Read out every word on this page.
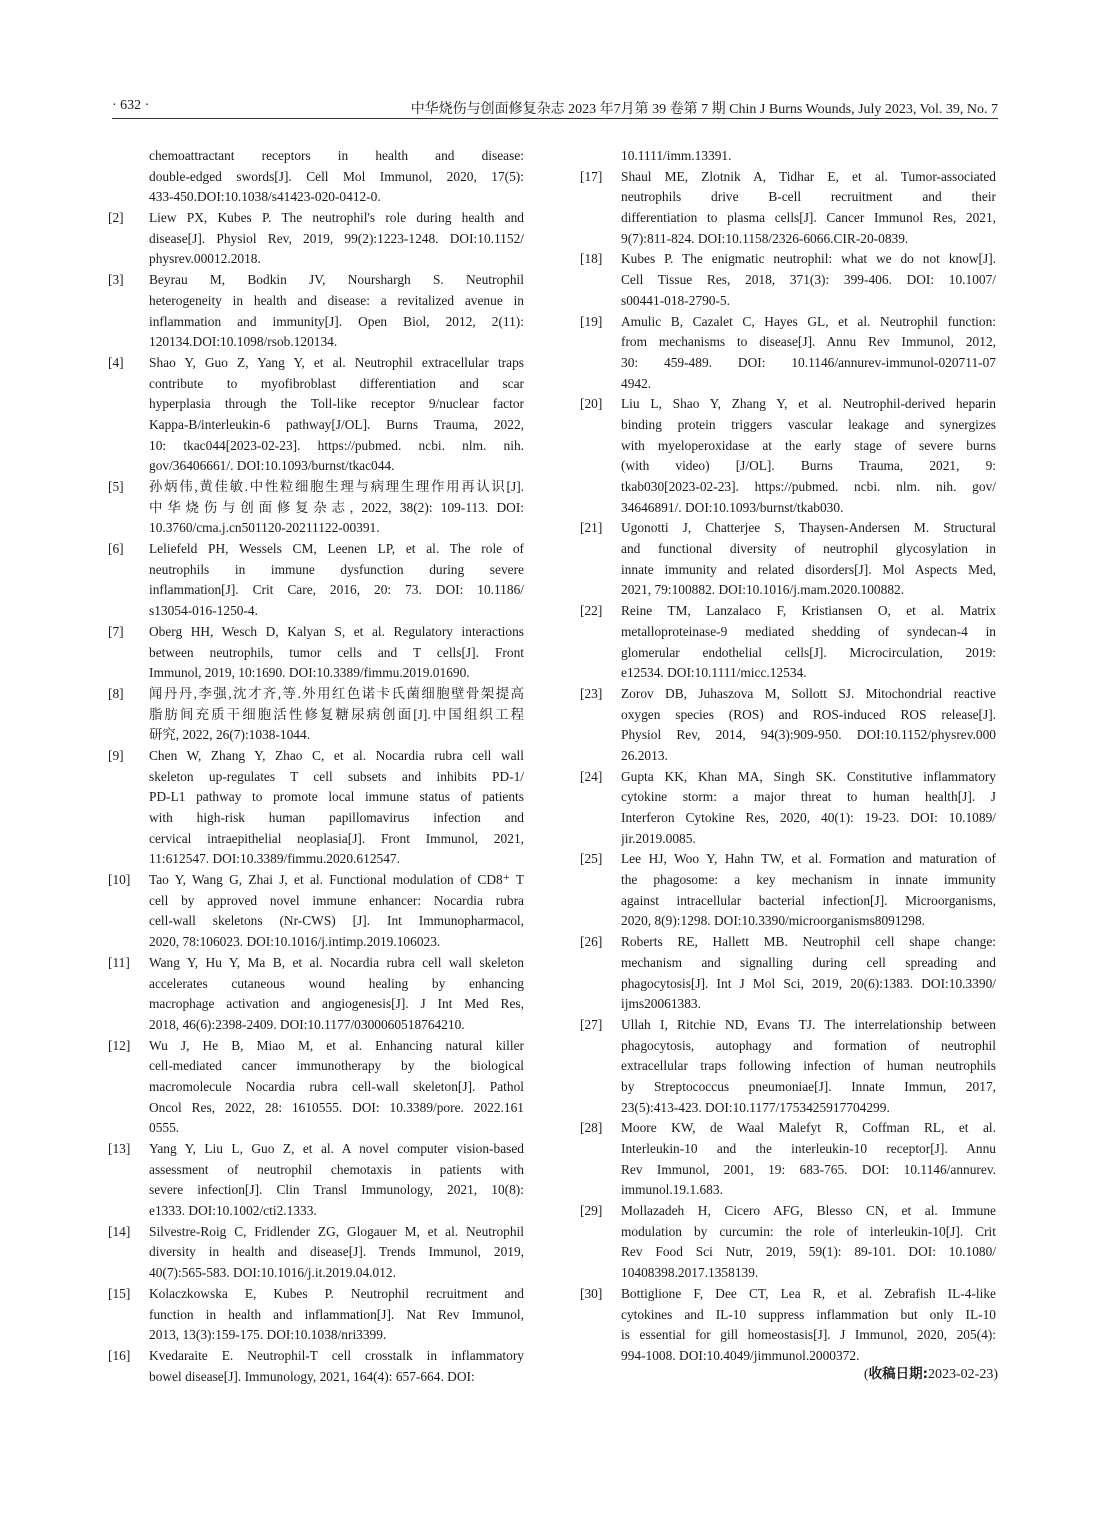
· 632 ·	中华烧伤与创面修复杂志 2023 年7月第 39 卷第 7 期 Chin J Burns Wounds, July 2023, Vol. 39, No. 7
chemoattractant receptors in health and disease:
double-edged swords[J]. Cell Mol Immunol, 2020, 17(5):
433-450.DOI:10.1038/s41423-020-0412-0.
[2]	Liew PX, Kubes P. The neutrophil's role during health and
disease[J]. Physiol Rev, 2019, 99(2):1223-1248. DOI:10.1152/
physrev.00012.2018.
[3]	Beyrau M, Bodkin JV, Nourshargh S. Neutrophil
heterogeneity in health and disease: a revitalized avenue in
inflammation and immunity[J]. Open Biol, 2012, 2(11):
120134.DOI:10.1098/rsob.120134.
[4]	Shao Y, Guo Z, Yang Y, et al. Neutrophil extracellular traps
contribute to myofibroblast differentiation and scar
hyperplasia through the Toll-like receptor 9/nuclear factor
Kappa-B/interleukin-6 pathway[J/OL]. Burns Trauma, 2022,
10: tkac044[2023-02-23]. https://pubmed. ncbi. nlm. nih.
gov/36406661/. DOI:10.1093/burnst/tkac044.
[5]	孙炳伟,黄佳敏.中性粒细胞生理与病理生理作用再认识[J].
中华烧伤与创面修复杂志, 2022, 38(2): 109-113. DOI:
10.3760/cma.j.cn501120-20211122-00391.
[6]	Leliefeld PH, Wessels CM, Leenen LP, et al. The role of
neutrophils in immune dysfunction during severe
inflammation[J]. Crit Care, 2016, 20: 73. DOI: 10.1186/
s13054-016-1250-4.
[7]	Oberg HH, Wesch D, Kalyan S, et al. Regulatory interactions
between neutrophils, tumor cells and T cells[J]. Front
Immunol, 2019, 10:1690. DOI:10.3389/fimmu.2019.01690.
[8]	闻丹丹,李强,沈才齐,等.外用红色诺卡氏菌细胞壁骨架提高
脂肪间充质干细胞活性修复糖尿病创面[J].中国组织工程
研究, 2022, 26(7):1038-1044.
[9]	Chen W, Zhang Y, Zhao C, et al. Nocardia rubra cell wall
skeleton up-regulates T cell subsets and inhibits PD-1/
PD-L1 pathway to promote local immune status of patients
with high-risk human papillomavirus infection and
cervical intraepithelial neoplasia[J]. Front Immunol, 2021,
11:612547. DOI:10.3389/fimmu.2020.612547.
[10]	Tao Y, Wang G, Zhai J, et al. Functional modulation of CD8⁺ T
cell by approved novel immune enhancer: Nocardia rubra
cell-wall skeletons (Nr-CWS) [J]. Int Immunopharmacol,
2020, 78:106023. DOI:10.1016/j.intimp.2019.106023.
[11]	Wang Y, Hu Y, Ma B, et al. Nocardia rubra cell wall skeleton
accelerates cutaneous wound healing by enhancing
macrophage activation and angiogenesis[J]. J Int Med Res,
2018, 46(6):2398-2409. DOI:10.1177/0300060518764210.
[12]	Wu J, He B, Miao M, et al. Enhancing natural killer
cell-mediated cancer immunotherapy by the biological
macromolecule Nocardia rubra cell-wall skeleton[J]. Pathol
Oncol Res, 2022, 28: 1610555. DOI: 10.3389/pore. 2022.161
0555.
[13]	Yang Y, Liu L, Guo Z, et al. A novel computer vision-based
assessment of neutrophil chemotaxis in patients with
severe infection[J]. Clin Transl Immunology, 2021, 10(8):
e1333. DOI:10.1002/cti2.1333.
[14]	Silvestre-Roig C, Fridlender ZG, Glogauer M, et al. Neutrophil
diversity in health and disease[J]. Trends Immunol, 2019,
40(7):565-583. DOI:10.1016/j.it.2019.04.012.
[15]	Kolaczkowska E, Kubes P. Neutrophil recruitment and
function in health and inflammation[J]. Nat Rev Immunol,
2013, 13(3):159-175. DOI:10.1038/nri3399.
[16]	Kvedaraite E. Neutrophil-T cell crosstalk in inflammatory
bowel disease[J]. Immunology, 2021, 164(4): 657-664. DOI:
10.1111/imm.13391.
[17]	Shaul ME, Zlotnik A, Tidhar E, et al. Tumor-associated
neutrophils drive B-cell recruitment and their
differentiation to plasma cells[J]. Cancer Immunol Res, 2021,
9(7):811-824. DOI:10.1158/2326-6066.CIR-20-0839.
[18]	Kubes P. The enigmatic neutrophil: what we do not know[J].
Cell Tissue Res, 2018, 371(3): 399-406. DOI: 10.1007/
s00441-018-2790-5.
[19]	Amulic B, Cazalet C, Hayes GL, et al. Neutrophil function:
from mechanisms to disease[J]. Annu Rev Immunol, 2012,
30: 459-489. DOI: 10.1146/annurev-immunol-020711-07
4942.
[20]	Liu L, Shao Y, Zhang Y, et al. Neutrophil-derived heparin
binding protein triggers vascular leakage and synergizes
with myeloperoxidase at the early stage of severe burns
(with video) [J/OL]. Burns Trauma, 2021, 9:
tkab030[2023-02-23]. https://pubmed. ncbi. nlm. nih. gov/
34646891/. DOI:10.1093/burnst/tkab030.
[21]	Ugonotti J, Chatterjee S, Thaysen-Andersen M. Structural
and functional diversity of neutrophil glycosylation in
innate immunity and related disorders[J]. Mol Aspects Med,
2021, 79:100882. DOI:10.1016/j.mam.2020.100882.
[22]	Reine TM, Lanzalaco F, Kristiansen O, et al. Matrix
metalloproteinase-9 mediated shedding of syndecan-4 in
glomerular endothelial cells[J]. Microcirculation, 2019:
e12534. DOI:10.1111/micc.12534.
[23]	Zorov DB, Juhaszova M, Sollott SJ. Mitochondrial reactive
oxygen species (ROS) and ROS-induced ROS release[J].
Physiol Rev, 2014, 94(3):909-950. DOI:10.1152/physrev.000
26.2013.
[24]	Gupta KK, Khan MA, Singh SK. Constitutive inflammatory
cytokine storm: a major threat to human health[J]. J
Interferon Cytokine Res, 2020, 40(1): 19-23. DOI: 10.1089/
jir.2019.0085.
[25]	Lee HJ, Woo Y, Hahn TW, et al. Formation and maturation of
the phagosome: a key mechanism in innate immunity
against intracellular bacterial infection[J]. Microorganisms,
2020, 8(9):1298. DOI:10.3390/microorganisms8091298.
[26]	Roberts RE, Hallett MB. Neutrophil cell shape change:
mechanism and signalling during cell spreading and
phagocytosis[J]. Int J Mol Sci, 2019, 20(6):1383. DOI:10.3390/
ijms20061383.
[27]	Ullah I, Ritchie ND, Evans TJ. The interrelationship between
phagocytosis, autophagy and formation of neutrophil
extracellular traps following infection of human neutrophils
by Streptococcus pneumoniae[J]. Innate Immun, 2017,
23(5):413-423. DOI:10.1177/1753425917704299.
[28]	Moore KW, de Waal Malefyt R, Coffman RL, et al.
Interleukin-10 and the interleukin-10 receptor[J]. Annu
Rev Immunol, 2001, 19: 683-765. DOI: 10.1146/annurev.
immunol.19.1.683.
[29]	Mollazadeh H, Cicero AFG, Blesso CN, et al. Immune
modulation by curcumin: the role of interleukin-10[J]. Crit
Rev Food Sci Nutr, 2019, 59(1): 89-101. DOI: 10.1080/
10408398.2017.1358139.
[30]	Bottiglione F, Dee CT, Lea R, et al. Zebrafish IL-4-like
cytokines and IL-10 suppress inflammation but only IL-10
is essential for gill homeostasis[J]. J Immunol, 2020, 205(4):
994-1008. DOI:10.4049/jimmunol.2000372.
(收稿日期:2023-02-23)
